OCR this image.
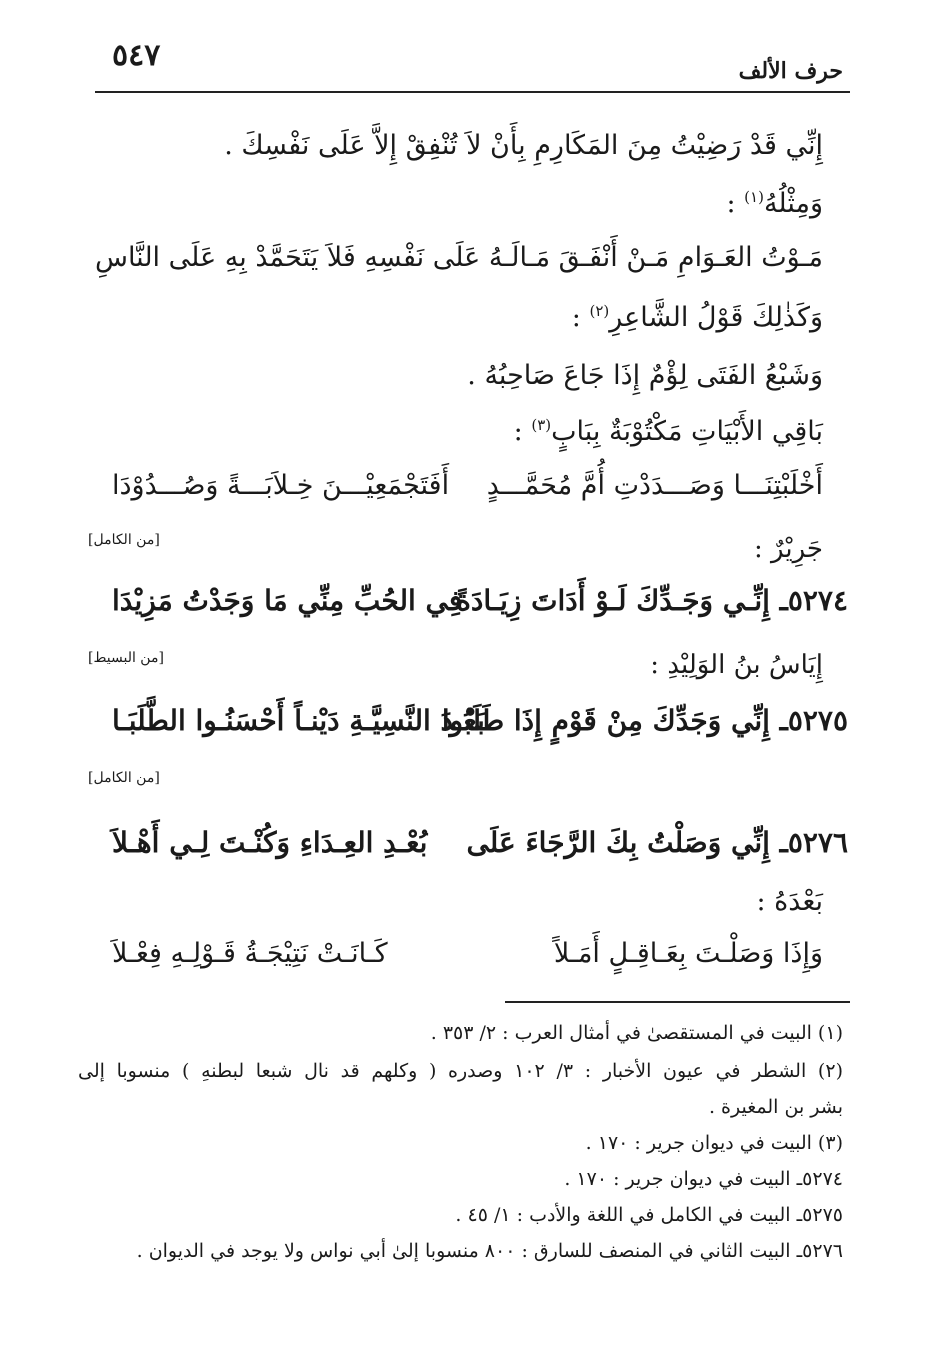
٥٤٧	حرف الألف
إِنِّي قَدْ رَضِيْتُ مِنَ المَكَارِمِ بِأَنْ لاَ تُنْفِقْ إِلاَّ عَلَى نَفْسِكَ .
وَمِثْلُهُ$^{(١)}$ :
مَـوْتُ العَـوَامِ مَـنْ أَنْفَـقَ مَـالَـهُ عَلَى نَفْسِهِ فَلاَ يَتَحَمَّدْ بِهِ عَلَى النَّاسِ
وَكَذٰلِكَ قَوْلُ الشَّاعِرِ$^{(٢)}$ :
وَشَبْعُ الفَتَى لِؤْمٌ إِذَا جَاعَ صَاحِبُهُ .
بَاقِي الأَبْيَاتِ مَكْتُوْبَةٌ بِبَابٍ$^{(٣)}$ :
أَخْلَبْتِنَـــا وَصَـــدَدْتِ أُمَّ مُحَمَّـــدٍ
أَفَتَجْمَعِيْـــنَ خِـلاَبَـــةً وَصُـــدُوْدَا
[من الكامل]	جَرِيْرٌ :
٥٢٧٤ـ إِنِّـي وَجَـدِّكَ لَـوْ أَدَاتَ زِيَـادَةً
فِي الحُبِّ مِنِّي مَا وَجَدْتُ مَزِيْدَا
[من البسيط]	إِيَاسُ بنُ الوَلِيْدِ :
٥٢٧٥ـ إِنِّي وَجَدِّكَ مِنْ قَوْمٍ إِذَا طَلَبُوا
بَعْـدَ النَّسِيَّـةِ دَيْنـاً أَحْسَنُـوا الطَّلَبَـا
[من الكامل]
٥٢٧٦ـ إِنِّي وَصَلْتُ بِكَ الرَّجَاءَ عَلَى
بُعْـدِ العِـدَاءِ وَكُنْـتَ لِـي أَهْـلاَ
بَعْدَهُ :
وَإِذَا وَصَلْـتَ بِعَـاقِـلٍ أَمَـلاً
كَـانَـتْ نَتِيْجَـةُ قَـوْلِـهِ فِعْـلاَ
(١) البيت في المستقصىٰ في أمثال العرب : ٢/ ٣٥٣ .
(٢) الشطر في عيون الأخبار : ٣/ ١٠٢ وصدره ( وكلهم قد نال شبعا لبطنهِ ) منسوبا إلى
بشر بن المغيرة .
(٣) البيت في ديوان جرير : ١٧٠ .
٥٢٧٤ـ البيت في ديوان جرير : ١٧٠ .
٥٢٧٥ـ البيت في الكامل في اللغة والأدب : ١/ ٤٥ .
٥٢٧٦ـ البيت الثاني في المنصف للسارق : ٨٠٠ منسوبا إلىٰ أبي نواس ولا يوجد في الديوان .
